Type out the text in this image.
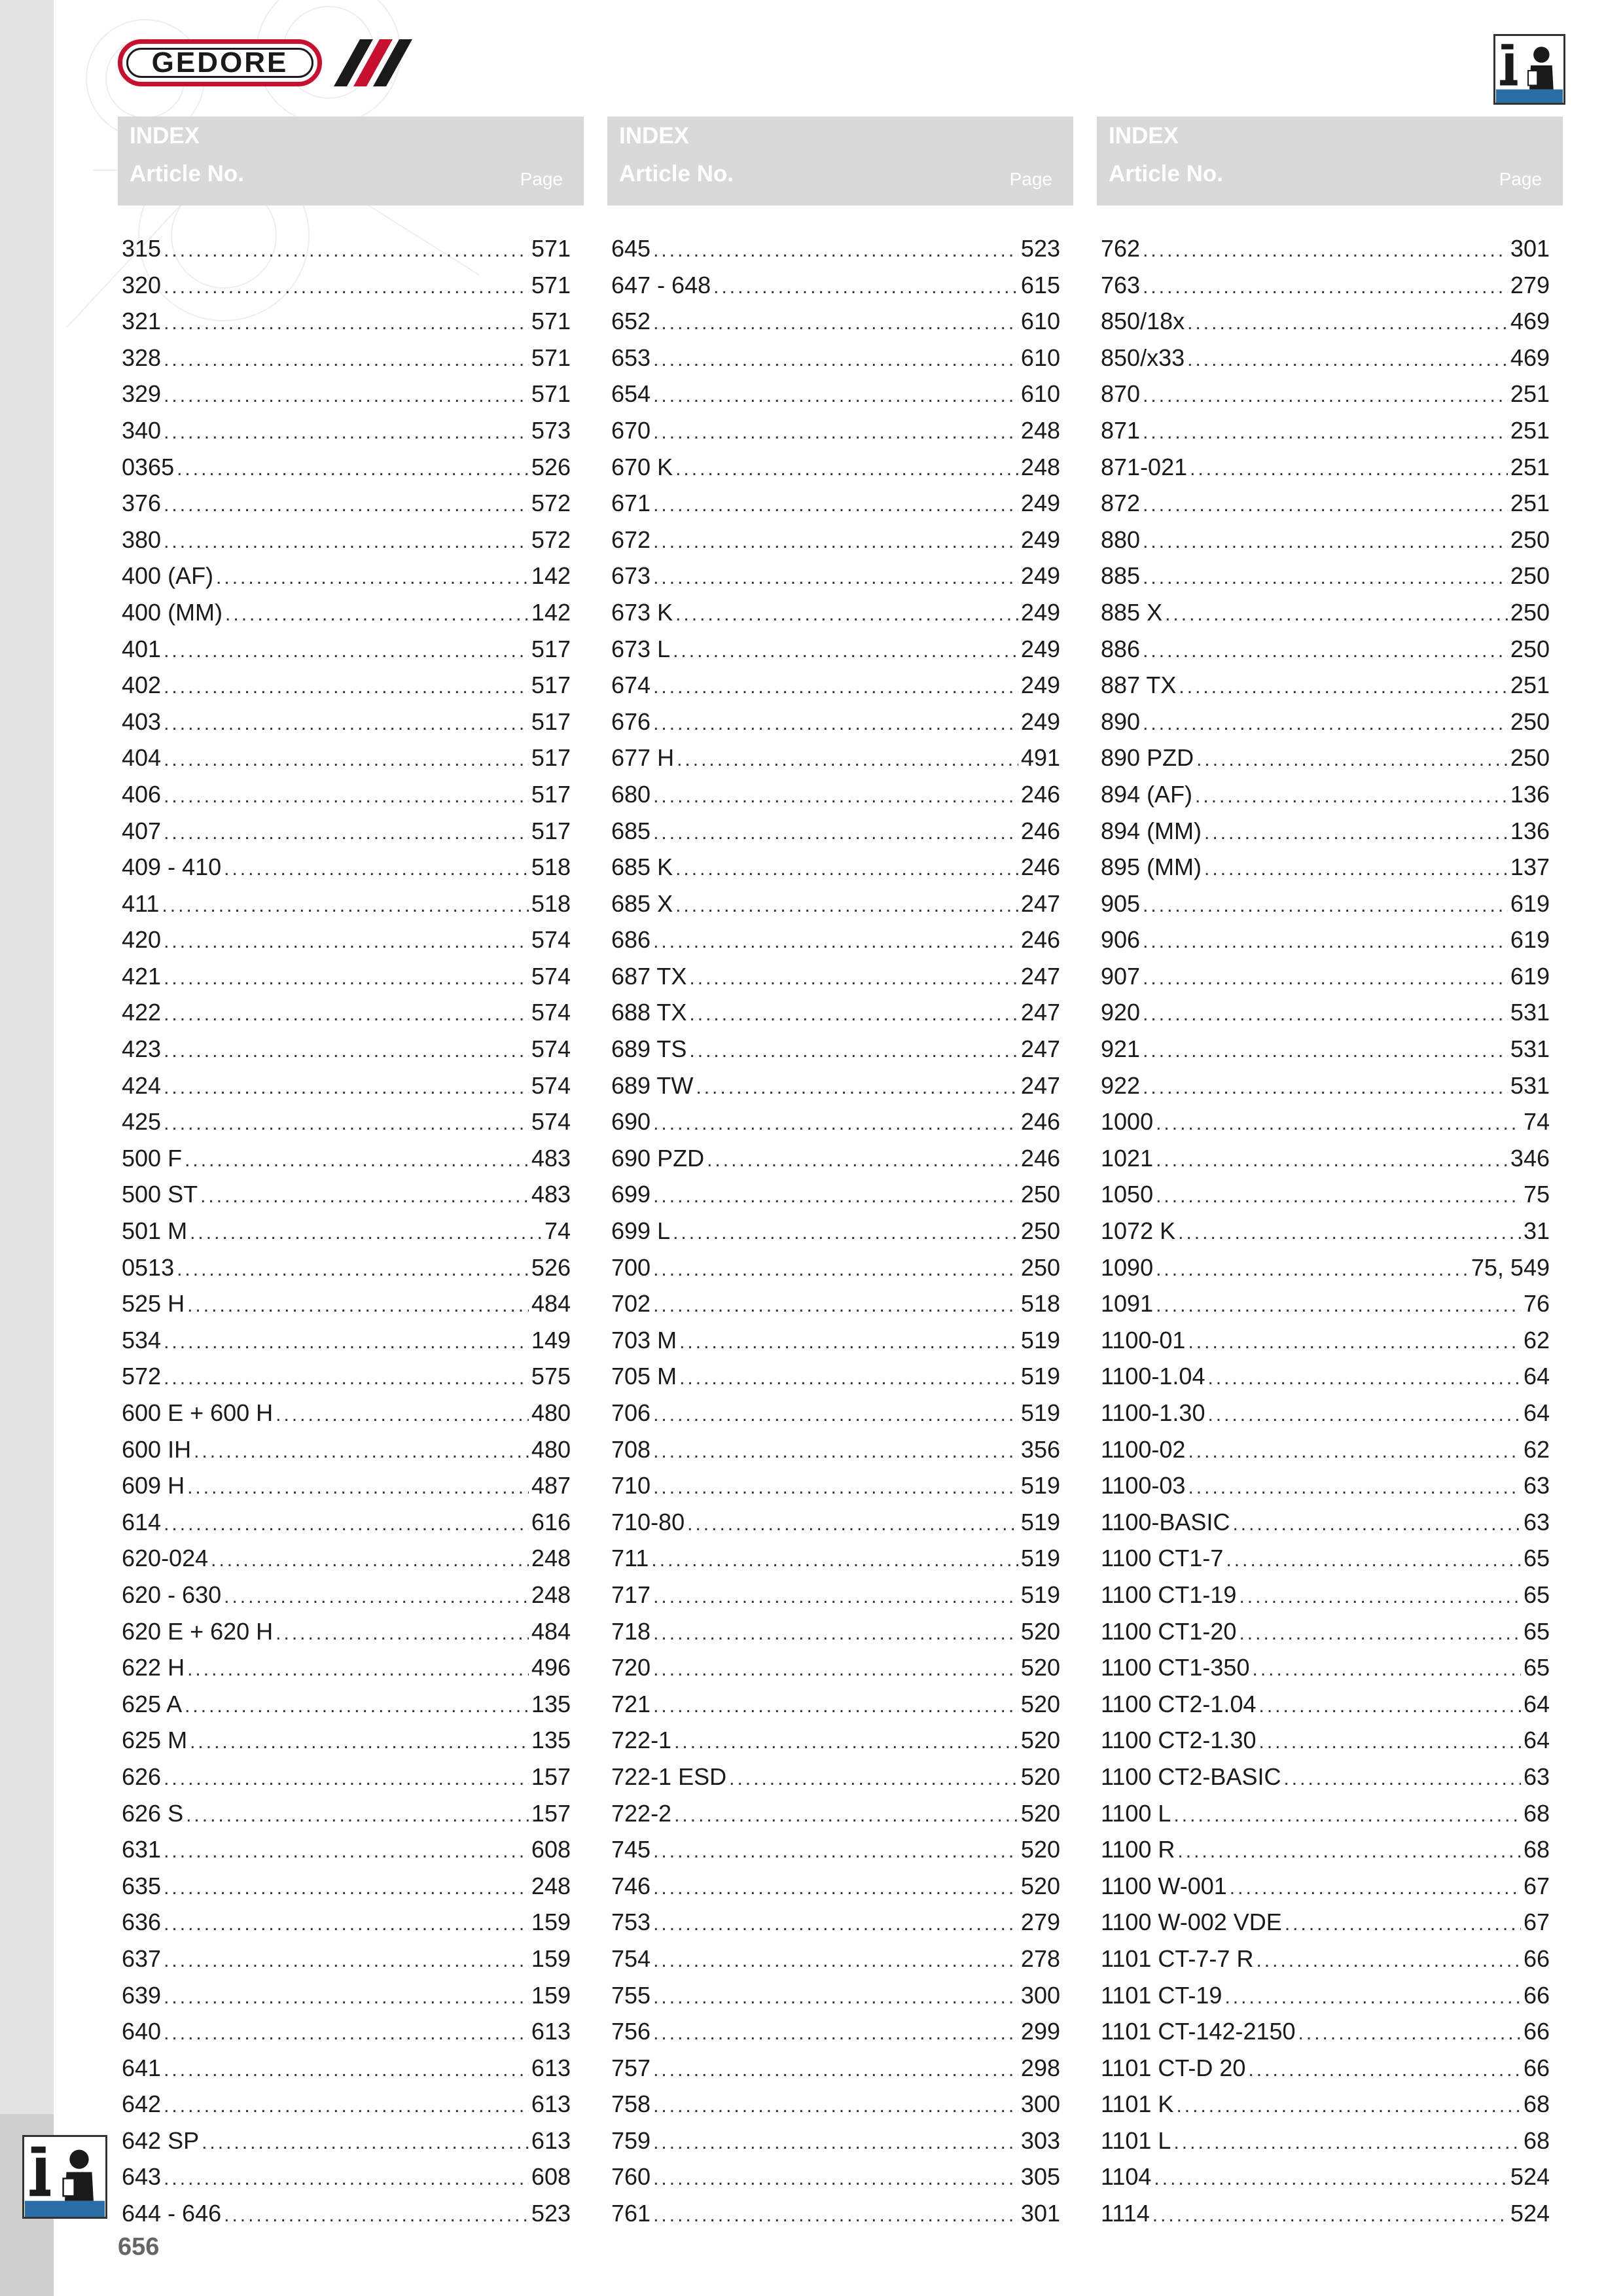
GEDORE
INDEX
Article No.	Page
315 .....	571
320 .....	571
321 .....	571
328 .....	571
329 .....	571
340 .....	573
0365 .....	526
376 .....	572
380 .....	572
400 (AF) .....	142
400 (MM) .....	142
401 .....	517
402 .....	517
403 .....	517
404 .....	517
406 .....	517
407 .....	517
409 - 410 .....	518
411 .....	518
420 .....	574
421 .....	574
422 .....	574
423 .....	574
424 .....	574
425 .....	574
500 F .....	483
500 ST .....	483
501 M .....	74
0513 .....	526
525 H .....	484
534 .....	149
572 .....	575
600 E + 600 H .....	480
600 IH .....	480
609 H .....	487
614 .....	616
620-024 .....	248
620 - 630 .....	248
620 E + 620 H .....	484
622 H .....	496
625 A .....	135
625 M .....	135
626 .....	157
626 S .....	157
631 .....	608
635 .....	248
636 .....	159
637 .....	159
639 .....	159
640 .....	613
641 .....	613
642 .....	613
642 SP .....	613
643 .....	608
644 - 646 .....	523
INDEX
Article No.	Page
645 .....	523
647 - 648 .....	615
652 .....	610
653 .....	610
654 .....	610
670 .....	248
670 K .....	248
671 .....	249
672 .....	249
673 .....	249
673 K .....	249
673 L .....	249
674 .....	249
676 .....	249
677 H .....	491
680 .....	246
685 .....	246
685 K .....	246
685 X .....	247
686 .....	246
687 TX .....	247
688 TX .....	247
689 TS .....	247
689 TW .....	247
690 .....	246
690 PZD .....	246
699 .....	250
699 L .....	250
700 .....	250
702 .....	518
703 M .....	519
705 M .....	519
706 .....	519
708 .....	356
710 .....	519
710-80 .....	519
711 .....	519
717 .....	519
718 .....	520
720 .....	520
721 .....	520
722-1 .....	520
722-1 ESD .....	520
722-2 .....	520
745 .....	520
746 .....	520
753 .....	279
754 .....	278
755 .....	300
756 .....	299
757 .....	298
758 .....	300
759 .....	303
760 .....	305
761 .....	301
INDEX
Article No.	Page
762 .....	301
763 .....	279
850/18x .....	469
850/x33 .....	469
870 .....	251
871 .....	251
871-021 .....	251
872 .....	251
880 .....	250
885 .....	250
885 X .....	250
886 .....	250
887 TX .....	251
890 .....	250
890 PZD .....	250
894 (AF) .....	136
894 (MM) .....	136
895 (MM) .....	137
905 .....	619
906 .....	619
907 .....	619
920 .....	531
921 .....	531
922 .....	531
1000 .....	74
1021 .....	346
1050 .....	75
1072 K .....	31
1090 .....	75, 549
1091 .....	76
1100-01 .....	62
1100-1.04 .....	64
1100-1.30 .....	64
1100-02 .....	62
1100-03 .....	63
1100-BASIC .....	63
1100 CT1-7 .....	65
1100 CT1-19 .....	65
1100 CT1-20 .....	65
1100 CT1-350 .....	65
1100 CT2-1.04 .....	64
1100 CT2-1.30 .....	64
1100 CT2-BASIC .....	63
1100 L .....	68
1100 R .....	68
1100 W-001 .....	67
1100 W-002 VDE .....	67
1101 CT-7-7 R .....	66
1101 CT-19 .....	66
1101 CT-142-2150 .....	66
1101 CT-D 20 .....	66
1101 K .....	68
1101 L .....	68
1104 .....	524
1114 .....	524
656
